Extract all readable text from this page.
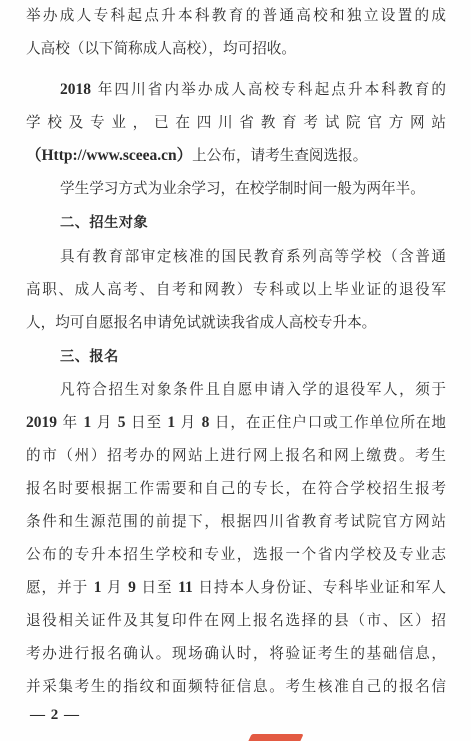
举办成人专科起点升本科教育的普通高校和独立设置的成
人高校（以下简称成人高校），均可招收。
2018 年四川省内举办成人高校专科起点升本科教育的
学校及专业，已在四川省教育考试院官方网站
（Http://www.sceea.cn）上公布，请考生查阅选报。
学生学习方式为业余学习，在校学制时间一般为两年半。
二、招生对象
具有教育部审定核准的国民教育系列高等学校（含普通
高职、成人高考、自考和网教）专科或以上毕业证的退役军
人，均可自愿报名申请免试就读我省成人高校专升本。
三、报名
凡符合招生对象条件且自愿申请入学的退役军人，须于
2019 年 1 月 5 日至 1 月 8 日，在正住户口或工作单位所在地
的市（州）招考办的网站上进行网上报名和网上缴费。考生
报名时要根据工作需要和自己的专长，在符合学校招生报考
条件和生源范围的前提下，根据四川省教育考试院官方网站
公布的专升本招生学校和专业，选报一个省内学校及专业志
愿，并于 1 月 9 日至 11 日持本人身份证、专科毕业证和军人
退役相关证件及其复印件在网上报名选择的县（市、区）招
考办进行报名确认。现场确认时，将验证考生的基础信息，
并采集考生的指纹和面频特征信息。考生核准自己的报名信
— 2 —
